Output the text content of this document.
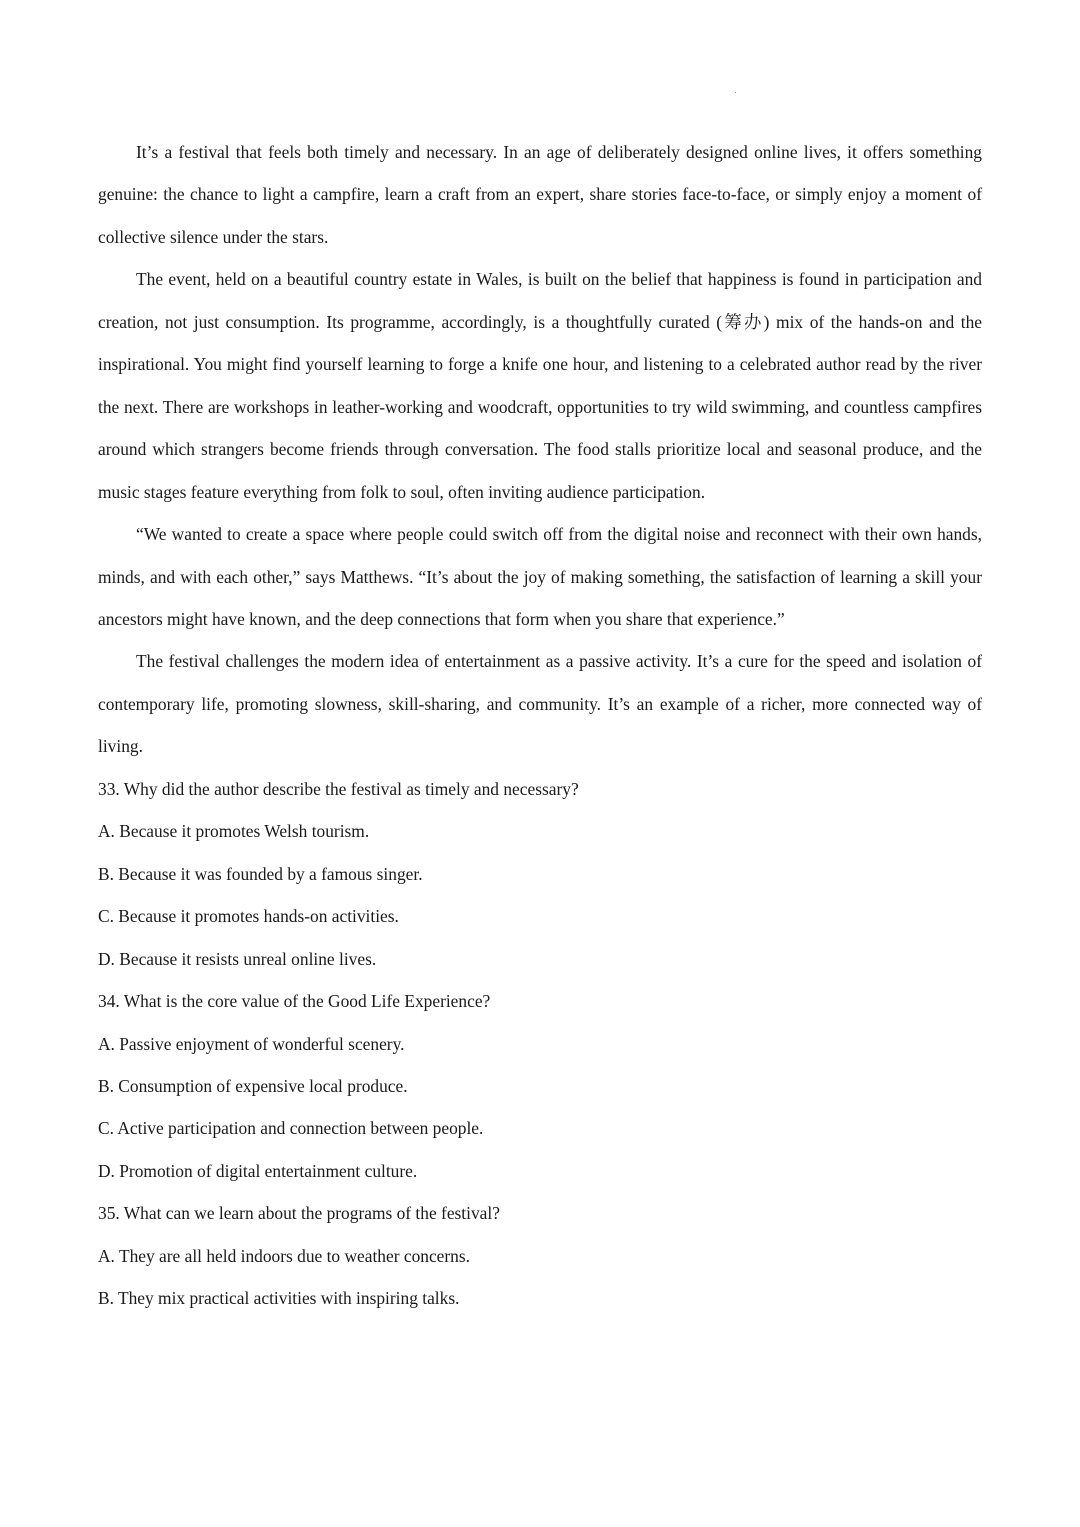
It’s a festival that feels both timely and necessary. In an age of deliberately designed online lives, it offers something genuine: the chance to light a campfire, learn a craft from an expert, share stories face-to-face, or simply enjoy a moment of collective silence under the stars.

The event, held on a beautiful country estate in Wales, is built on the belief that happiness is found in participation and creation, not just consumption. Its programme, accordingly, is a thoughtfully curated (筹办) mix of the hands-on and the inspirational. You might find yourself learning to forge a knife one hour, and listening to a celebrated author read by the river the next. There are workshops in leather-working and woodcraft, opportunities to try wild swimming, and countless campfires around which strangers become friends through conversation. The food stalls prioritize local and seasonal produce, and the music stages feature everything from folk to soul, often inviting audience participation.

“We wanted to create a space where people could switch off from the digital noise and reconnect with their own hands, minds, and with each other,” says Matthews. “It’s about the joy of making something, the satisfaction of learning a skill your ancestors might have known, and the deep connections that form when you share that experience.”

The festival challenges the modern idea of entertainment as a passive activity. It’s a cure for the speed and isolation of contemporary life, promoting slowness, skill-sharing, and community. It’s an example of a richer, more connected way of living.

33. Why did the author describe the festival as timely and necessary?

A. Because it promotes Welsh tourism.

B. Because it was founded by a famous singer.

C. Because it promotes hands-on activities.

D. Because it resists unreal online lives.

34. What is the core value of the Good Life Experience?

A. Passive enjoyment of wonderful scenery.

B. Consumption of expensive local produce.

C. Active participation and connection between people.

D. Promotion of digital entertainment culture.

35. What can we learn about the programs of the festival?

A. They are all held indoors due to weather concerns.

B. They mix practical activities with inspiring talks.
